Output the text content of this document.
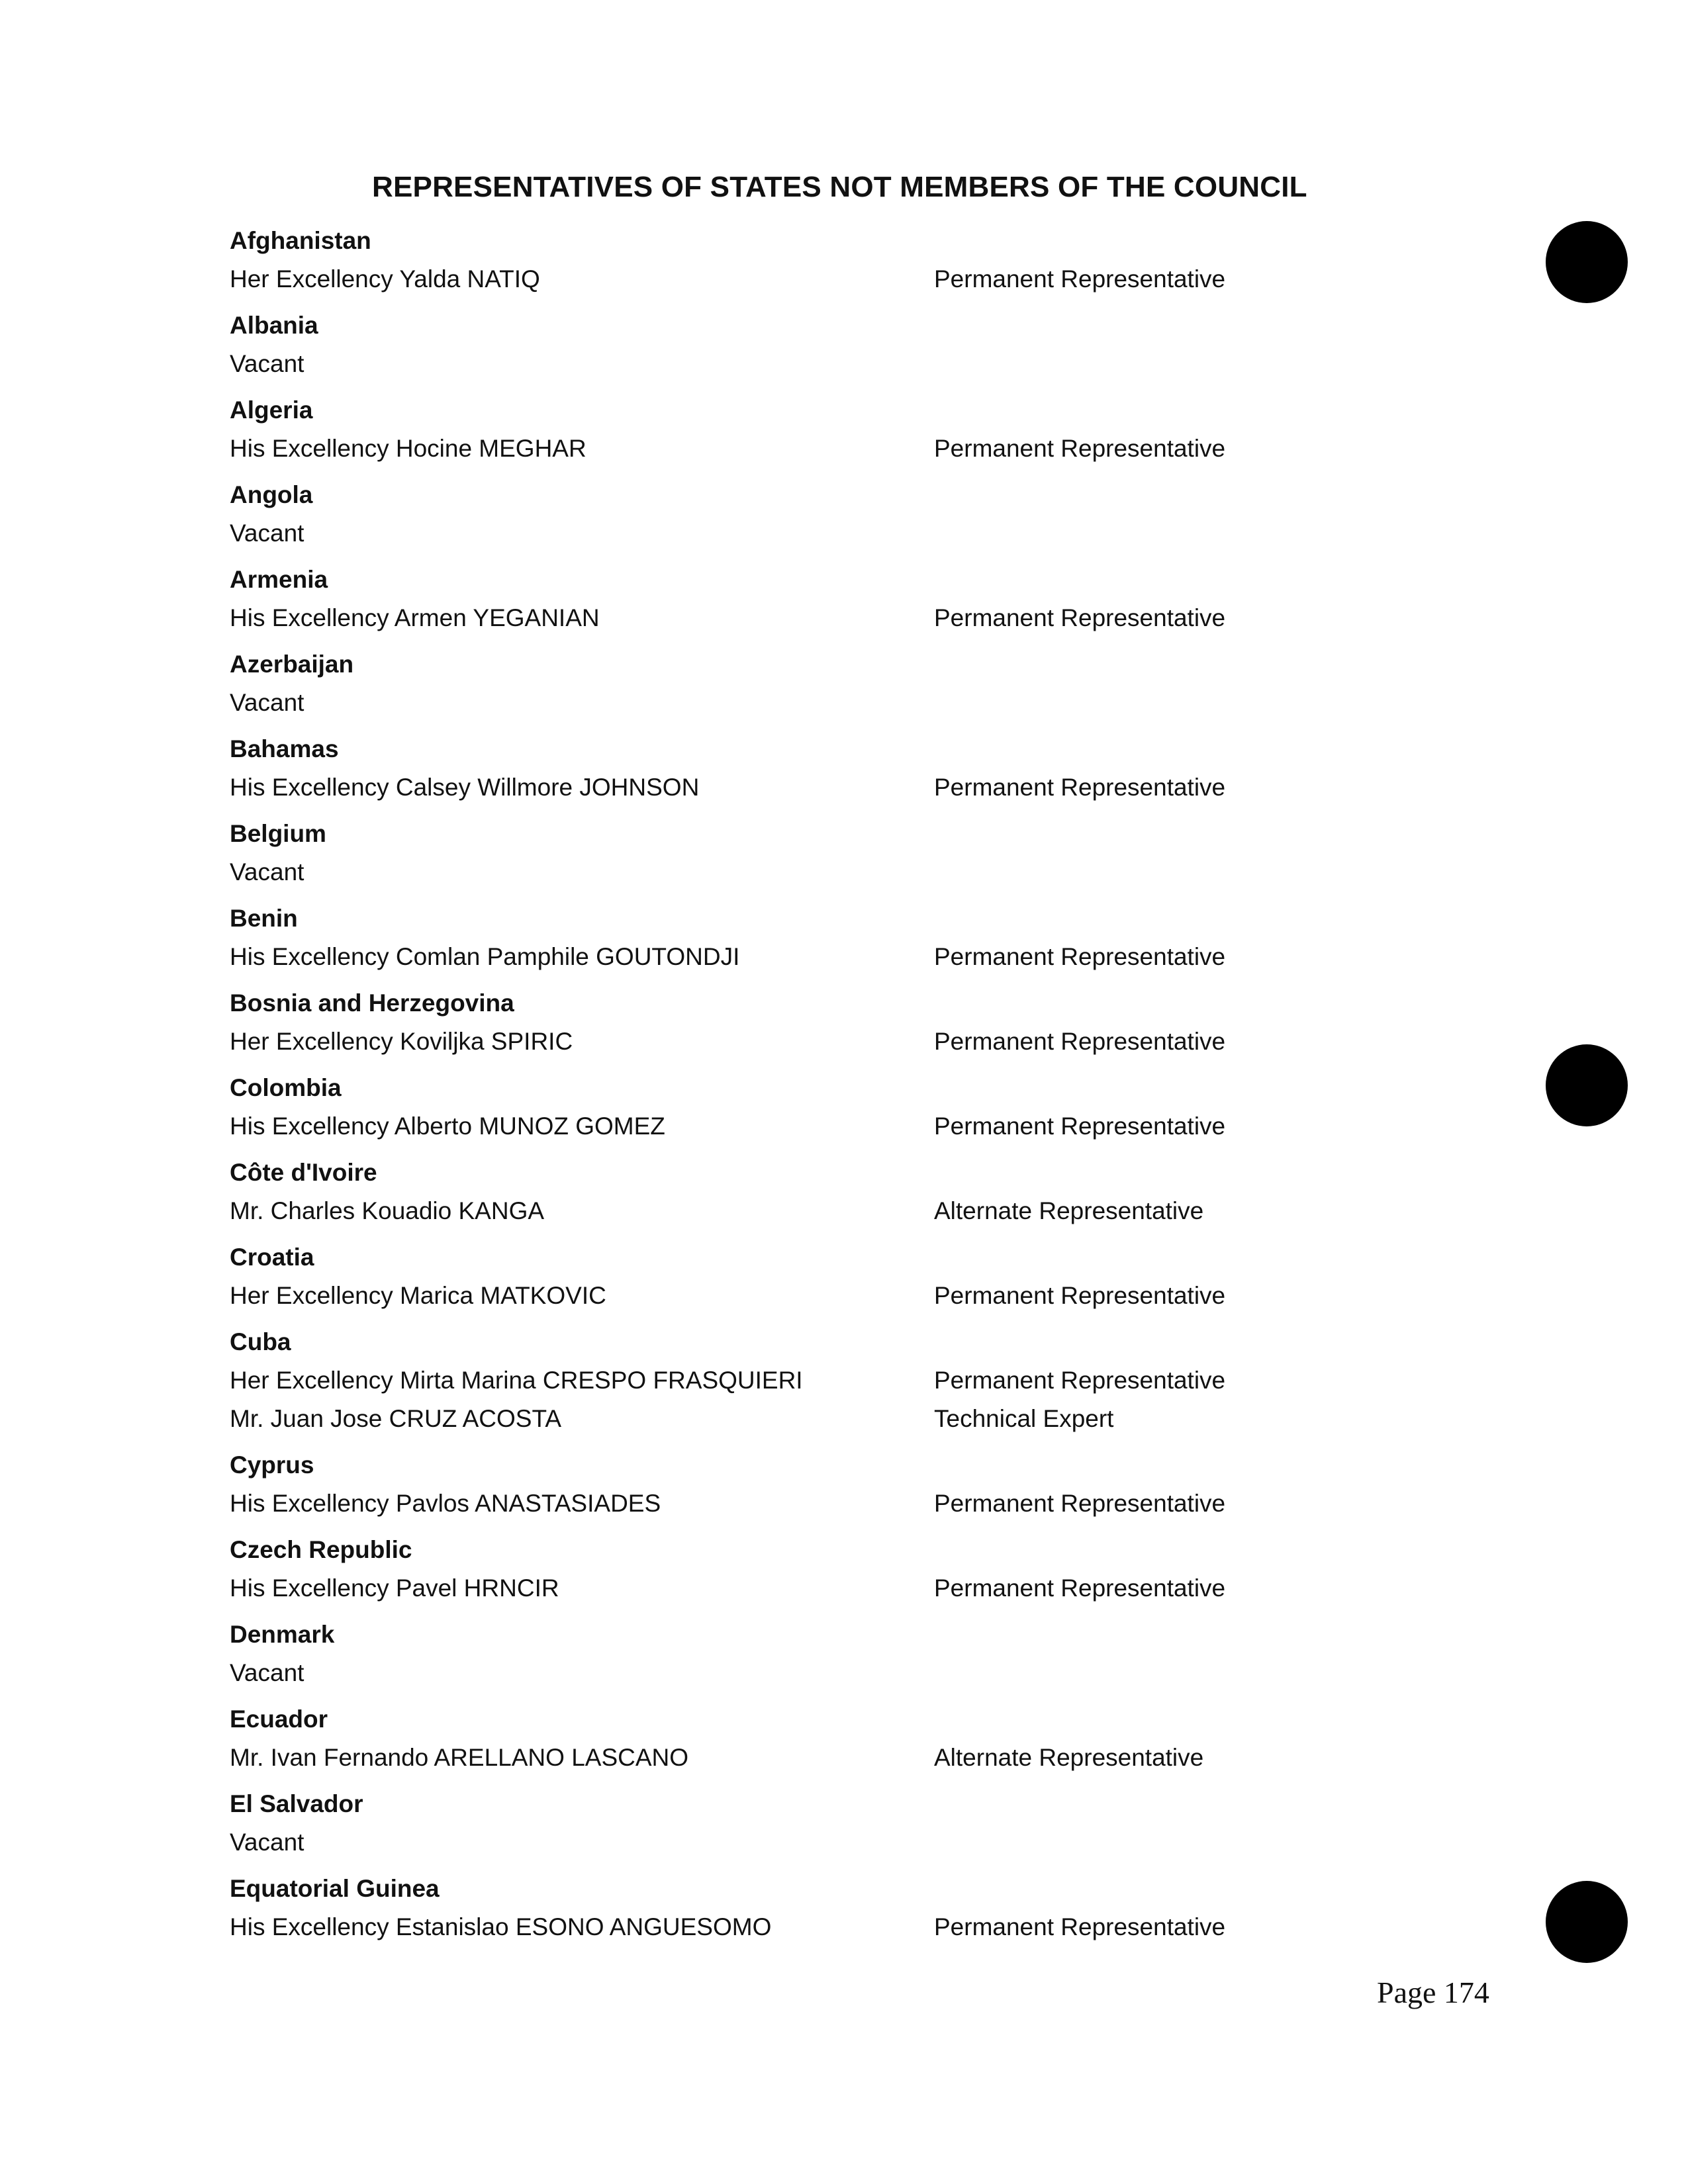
REPRESENTATIVES OF STATES NOT MEMBERS OF THE COUNCIL
Afghanistan
Her Excellency Yalda NATIQ	Permanent Representative
Albania
Vacant
Algeria
His Excellency Hocine MEGHAR	Permanent Representative
Angola
Vacant
Armenia
His Excellency Armen YEGANIAN	Permanent Representative
Azerbaijan
Vacant
Bahamas
His Excellency Calsey Willmore JOHNSON	Permanent Representative
Belgium
Vacant
Benin
His Excellency Comlan Pamphile GOUTONDJI	Permanent Representative
Bosnia and Herzegovina
Her Excellency Koviljka SPIRIC	Permanent Representative
Colombia
His Excellency Alberto MUNOZ GOMEZ	Permanent Representative
Côte d'Ivoire
Mr. Charles Kouadio KANGA	Alternate Representative
Croatia
Her Excellency Marica MATKOVIC	Permanent Representative
Cuba
Her Excellency Mirta Marina CRESPO FRASQUIERI	Permanent Representative
Mr. Juan Jose CRUZ ACOSTA	Technical Expert
Cyprus
His Excellency Pavlos ANASTASIADES	Permanent Representative
Czech Republic
His Excellency Pavel HRNCIR	Permanent Representative
Denmark
Vacant
Ecuador
Mr. Ivan Fernando ARELLANO LASCANO	Alternate Representative
El Salvador
Vacant
Equatorial Guinea
His Excellency Estanislao ESONO ANGUESOMO	Permanent Representative
Page 174
